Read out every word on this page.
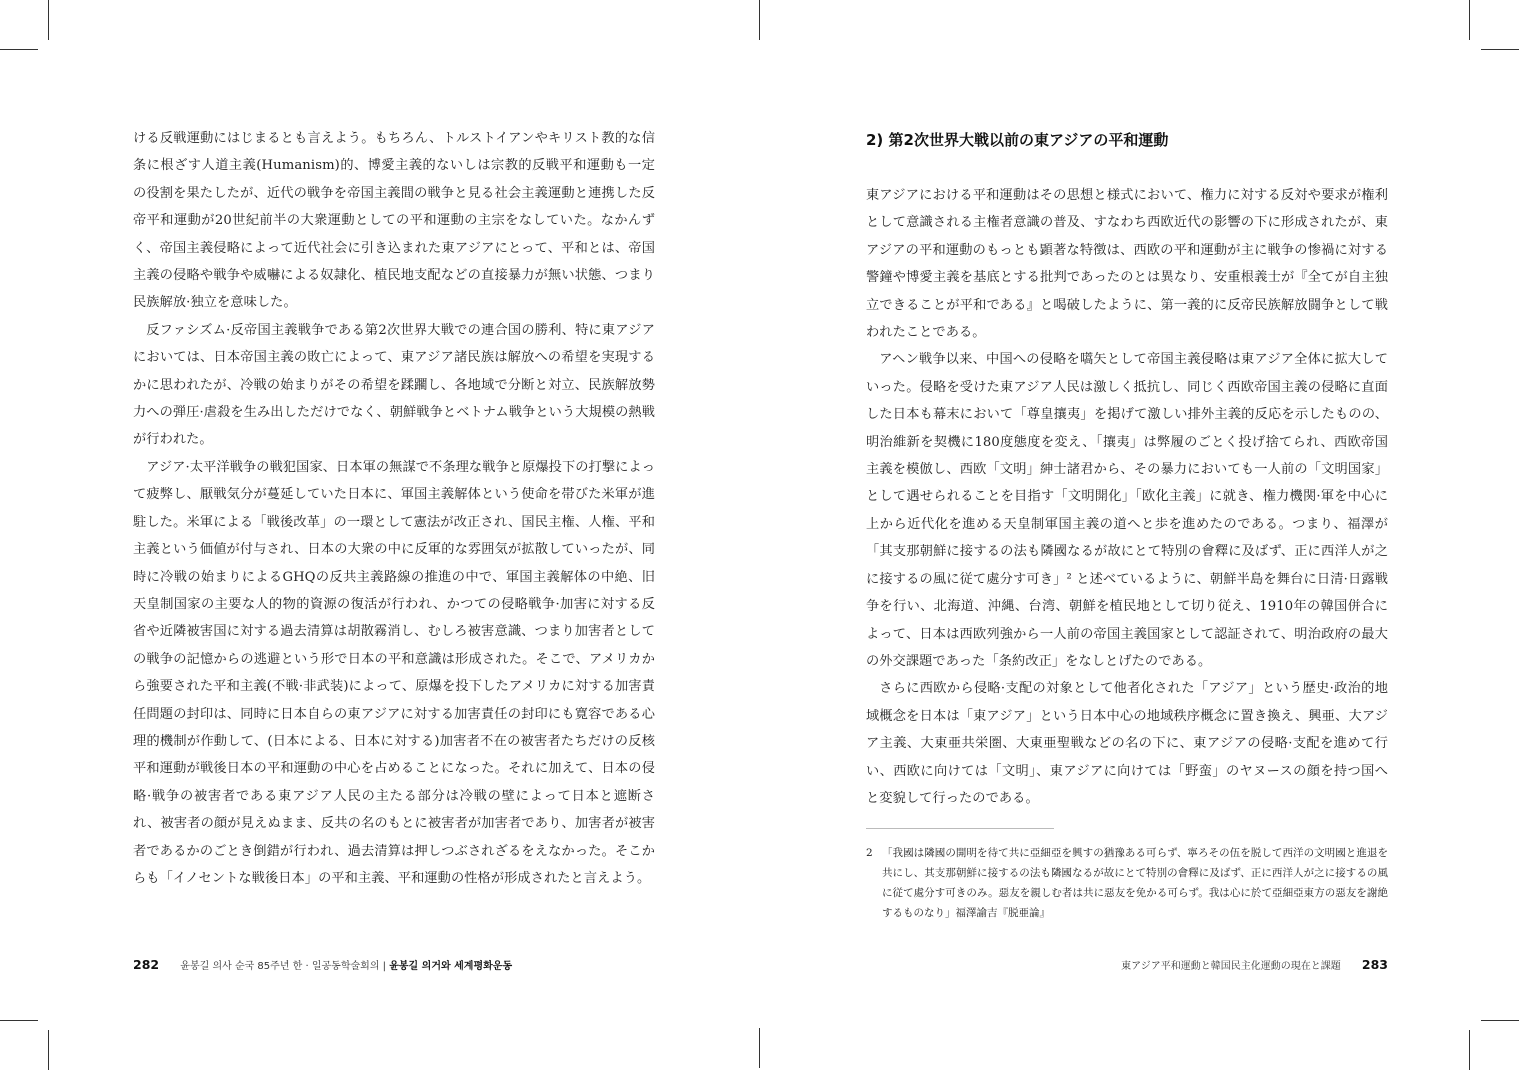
ける反戦運動にはじまるとも言えよう。もちろん、トルストイアンやキリスト教的な信条に根ざす人道主義(Humanism)的、博愛主義的ないしは宗教的反戦平和運動も一定の役割を果たしたが、近代の戦争を帝国主義間の戦争と見る社会主義運動と連携した反帝平和運動が20世紀前半の大衆運動としての平和運動の主宗をなしていた。なかんずく、帝国主義侵略によって近代社会に引き込まれた東アジアにとって、平和とは、帝国主義の侵略や戦争や威嚇による奴隷化、植民地支配などの直接暴力が無い状態、つまり民族解放·独立を意味した。

反ファシズム·反帝国主義戦争である第2次世界大戦での連合国の勝利、特に東アジアにおいては、日本帝国主義の敗亡によって、東アジア諸民族は解放への希望を実現するかに思われたが、冷戦の始まりがその希望を蹂躙し、各地域で分断と対立、民族解放勢力への弾圧·虐殺を生み出しただけでなく、朝鮮戦争とベトナム戦争という大規模の熱戦が行われた。

アジア·太平洋戦争の戦犯国家、日本軍の無謀で不条理な戦争と原爆投下の打撃によって疲弊し、厭戦気分が蔓延していた日本に、軍国主義解体という使命を帯びた米軍が進駐した。米軍による「戦後改革」の一環として憲法が改正され、国民主権、人権、平和主義という価値が付与され、日本の大衆の中に反軍的な雰囲気が拡散していったが、同時に冷戦の始まりによるGHQの反共主義路線の推進の中で、軍国主義解体の中絶、旧天皇制国家の主要な人的物的資源の復活が行われ、かつての侵略戦争·加害に対する反省や近隣被害国に対する過去清算は胡散霧消し、むしろ被害意識、つまり加害者としての戦争の記憶からの逃避という形で日本の平和意識は形成された。そこで、アメリカから強要された平和主義(不戦·非武装)によって、原爆を投下したアメリカに対する加害責任問題の封印は、同時に日本自らの東アジアに対する加害責任の封印にも寛容である心理的機制が作動して、(日本による、日本に対する)加害者不在の被害者たちだけの反核平和運動が戦後日本の平和運動の中心を占めることになった。それに加えて、日本の侵略·戦争の被害者である東アジア人民の主たる部分は冷戦の壁によって日本と遮断され、被害者の顔が見えぬまま、反共の名のもとに被害者が加害者であり、加害者が被害者であるかのごとき倒錯が行われ、過去清算は押しつぶされざるをえなかった。そこからも「イノセントな戦後日本」の平和主義、平和運動の性格が形成されたと言えよう。

2) 第2次世界大戦以前の東アジアの平和運動

東アジアにおける平和運動はその思想と様式において、権力に対する反対や要求が権利として意識される主権者意識の普及、すなわち西欧近代の影響の下に形成されたが、東アジアの平和運動のもっとも顕著な特徴は、西欧の平和運動が主に戦争の惨禍に対する警鐘や博愛主義を基底とする批判であったのとは異なり、安重根義士が『全てが自主独立できることが平和である』と喝破したように、第一義的に反帝民族解放闘争として戦われたことである。

アヘン戦争以来、中国への侵略を嚆矢として帝国主義侵略は東アジア全体に拡大していった。侵略を受けた東アジア人民は激しく抵抗し、同じく西欧帝国主義の侵略に直面した日本も幕末において「尊皇攘夷」を掲げて激しい排外主義的反応を示したものの、明治維新を契機に180度態度を変え、「攘夷」は弊履のごとく投げ捨てられ、西欧帝国主義を模倣し、西欧「文明」紳士諸君から、その暴力においても一人前の「文明国家」として遇せられることを目指す「文明開化」「欧化主義」に就き、権力機関·軍を中心に上から近代化を進める天皇制軍国主義の道へと歩を進めたのである。つまり、福澤が「其支那朝鮮に接するの法も隣國なるが故にとて特別の會釋に及ばず、正に西洋人が之に接するの風に従て處分す可き」² と述べているように、朝鮮半島を舞台に日清·日露戦争を行い、北海道、沖縄、台湾、朝鮮を植民地として切り従え、1910年の韓国併合によって、日本は西欧列強から一人前の帝国主義国家として認証されて、明治政府の最大の外交課題であった「条約改正」をなしとげたのである。

さらに西欧から侵略·支配の対象として他者化された「アジア」という歴史·政治的地域概念を日本は「東アジア」という日本中心の地域秩序概念に置き換え、興亜、大アジア主義、大東亜共栄圏、大東亜聖戦などの名の下に、東アジアの侵略·支配を進めて行い、西欧に向けては「文明」、東アジアに向けては「野蛮」のヤヌースの顔を持つ国へと変貌して行ったのである。

2 「我國は隣國の開明を待て共に亞細亞を興すの猶豫ある可らず、寧ろその伍を脱して西洋の文明國と進退を共にし、其支那朝鮮に接するの法も隣國なるが故にとて特別の會釋に及ばず、正に西洋人が之に接するの風に従て處分す可きのみ。惡友を親しむ者は共に惡友を免かる可らず。我は心に於て亞細亞東方の惡友を謝絶するものなり」福澤諭吉『脱亜論』
282 윤봉길 의사 순국 85주년 한 · 일공동학술회의 | 윤봉길 의거와 세계평화운동	東アジア平和運動と韓国民主化運動の現在と課題 283
